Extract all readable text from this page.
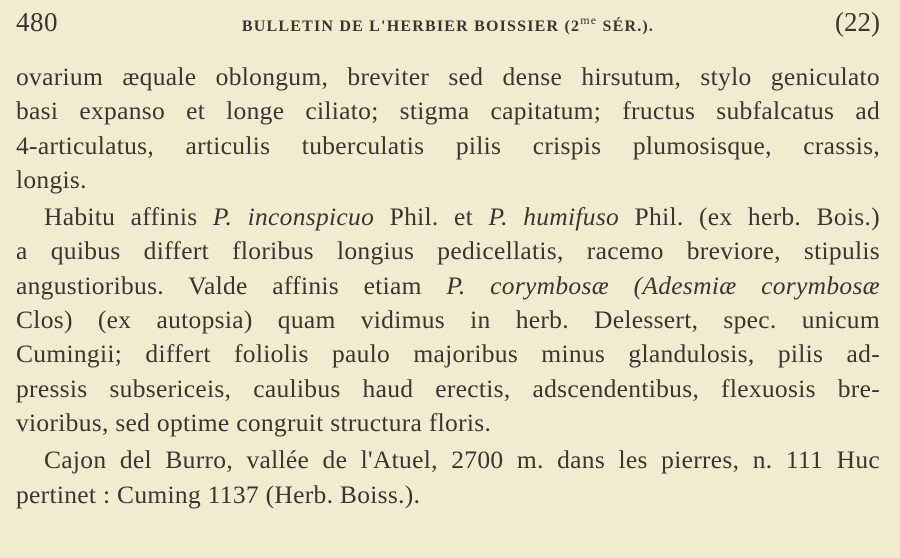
480	BULLETIN DE L'HERBIER BOISSIER ($2^{me}$ SÉR.).	(22)

ovarium æquale oblongum, breviter sed dense hirsutum, stylo geniculato
basi expanso et longe ciliato; stigma capitatum; fructus subfalcatus ad
4-articulatus, articulis tuberculatis pilis crispis plumosisque, crassis,
longis.

Habitu affinis P. inconspicuo Phil. et P. humifuso Phil. (ex herb. Bois.)
a quibus differt floribus longius pedicellatis, racemo breviore, stipulis
angustioribus. Valde affinis etiam P. corymbosæ (Adesmiæ corymbosæ
Clos) (ex autopsia) quam vidimus in herb. Delessert, spec. unicum
Cumingii; differt foliolis paulo majoribus minus glandulosis, pilis ad-
pressis subsericeis, caulibus haud erectis, adscendentibus, flexuosis bre-
vioribus, sed optime congruit structura floris.

Cajon del Burro, vallée de l'Atuel, 2700 m. dans les pierres, n. 111 Huc
pertinet : Cuming 1137 (Herb. Boiss.).
